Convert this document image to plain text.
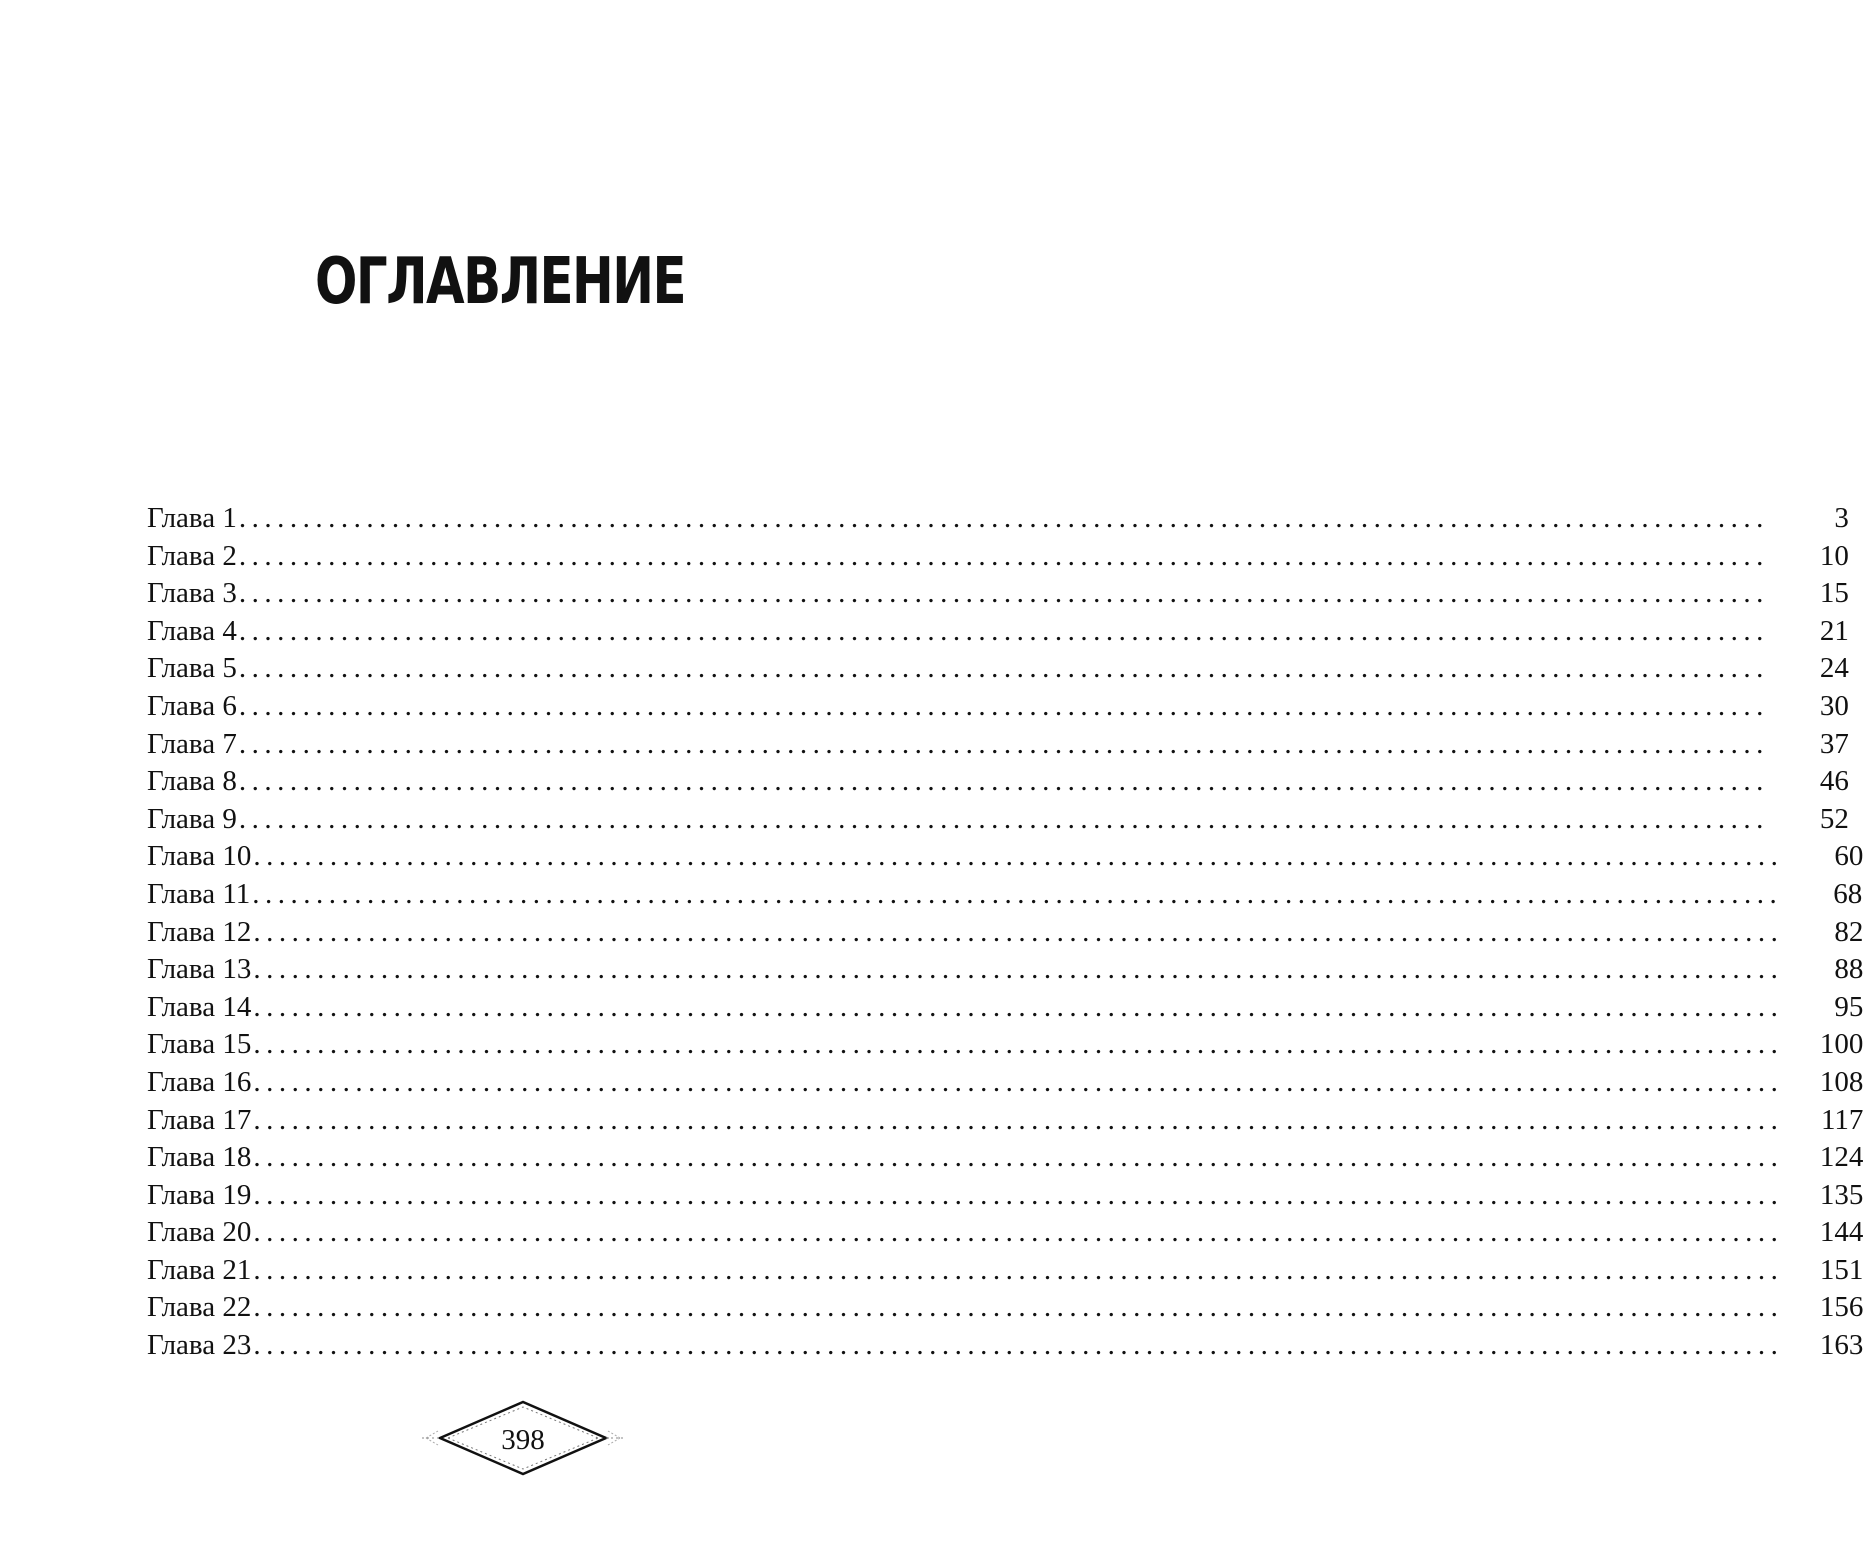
ОГЛАВЛЕНИЕ
Глава 1 ........................................................................................................................	3
Глава 2 ........................................................................................................................	10
Глава 3 ........................................................................................................................	15
Глава 4 ........................................................................................................................	21
Глава 5 ........................................................................................................................	24
Глава 6 ........................................................................................................................	30
Глава 7 ........................................................................................................................	37
Глава 8 ........................................................................................................................	46
Глава 9 ........................................................................................................................	52
Глава 10 ........................................................................................................................	60
Глава 11 ........................................................................................................................	68
Глава 12 ........................................................................................................................	82
Глава 13 ........................................................................................................................	88
Глава 14 ........................................................................................................................	95
Глава 15 ........................................................................................................................	100
Глава 16 ........................................................................................................................	108
Глава 17 ........................................................................................................................	117
Глава 18 ........................................................................................................................	124
Глава 19 ........................................................................................................................	135
Глава 20 ........................................................................................................................	144
Глава 21 ........................................................................................................................	151
Глава 22 ........................................................................................................................	156
Глава 23 ........................................................................................................................	163
398
